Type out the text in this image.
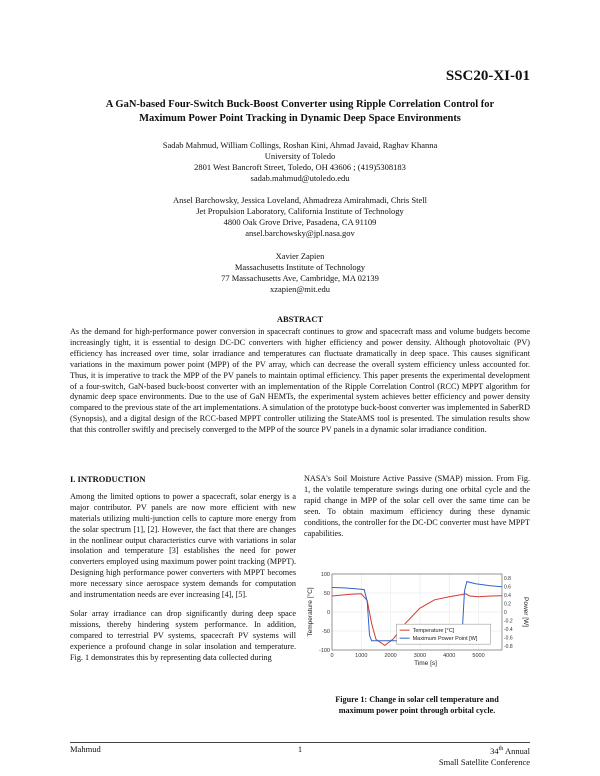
SSC20-XI-01
A GaN-based Four-Switch Buck-Boost Converter using Ripple Correlation Control for
Maximum Power Point Tracking in Dynamic Deep Space Environments
Sadab Mahmud, William Collings, Roshan Kini, Ahmad Javaid, Raghav Khanna
University of Toledo
2801 West Bancroft Street, Toledo, OH 43606 ; (419)5308183
sadab.mahmud@utoledo.edu
Ansel Barchowsky, Jessica Loveland, Ahmadreza Amirahmadi, Chris Stell
Jet Propulsion Laboratory, California Institute of Technology
4800 Oak Grove Drive, Pasadena, CA 91109
ansel.barchowsky@jpl.nasa.gov
Xavier Zapien
Massachusetts Institute of Technology
77 Massachusetts Ave, Cambridge, MA 02139
xzapien@mit.edu
ABSTRACT

As the demand for high-performance power conversion in spacecraft continues to grow and spacecraft mass and volume budgets become increasingly tight, it is essential to design DC-DC converters with higher efficiency and power density. Although photovoltaic (PV) efficiency has increased over time, solar irradiance and temperatures can fluctuate dramatically in deep space. This causes significant variations in the maximum power point (MPP) of the PV array, which can decrease the overall system efficiency unless accounted for. Thus, it is imperative to track the MPP of the PV panels to maintain optimal efficiency. This paper presents the experimental development of a four-switch, GaN-based buck-boost converter with an implementation of the Ripple Correlation Control (RCC) MPPT algorithm for dynamic deep space environments. Due to the use of GaN HEMTs, the experimental system achieves better efficiency and power density compared to the previous state of the art implementations. A simulation of the prototype buck-boost converter was implemented in SaberRD (Synopsis), and a digital design of the RCC-based MPPT controller utilizing the StateAMS tool is presented. The simulation results show that this controller swiftly and precisely converged to the MPP of the source PV panels in a dynamic solar irradiance condition.

I. INTRODUCTION

Among the limited options to power a spacecraft, solar energy is a major contributor. PV panels are now more efficient with new materials utilizing multi-junction cells to capture more energy from the solar spectrum [1], [2]. However, the fact that there are changes in the nonlinear output characteristics curve with variations in solar insolation and temperature [3] establishes the need for power converters employed using maximum power point tracking (MPPT). Designing high performance power converters with MPPT becomes more necessary since aerospace system demands for computation and instrumentation needs are ever increasing [4], [5].

Solar array irradiance can drop significantly during deep space missions, thereby hindering system performance. In addition, compared to terrestrial PV systems, spacecraft PV systems will experience a profound change in solar insolation and temperature. Fig. 1 demonstrates this by representing data collected during

NASA's Soil Moisture Active Passive (SMAP) mission. From Fig. 1, the volatile temperature swings during one orbital cycle and the rapid change in MPP of the solar cell over the same time can be seen. To obtain maximum efficiency during these dynamic conditions, the controller for the DC-DC converter must have MPPT capabilities.

0	1000	2000	3000	4000	5000
100
50
0
-50
-100
0.8
0.6
0.4
0.2
0
-0.2
-0.4
-0.6
-0.8
Temperature [°C]	Power [W]
Time [s]
Temperature [°C]
Maximum Power Point [W]
Figure 1: Change in solar cell temperature and
maximum power point through orbital cycle.
Mahmud	1	34th Annual
Small Satellite Conference
